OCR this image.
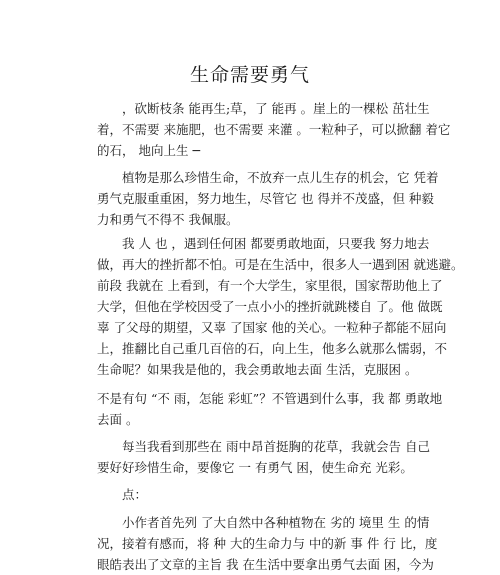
生命需要勇气
　　，砍断枝条 能再生;草，了 能再 。崖上的一棵松 茁壮生
着，不需要 来施肥，也不需要 来灌 。一粒种子，可以掀翻 着它
的石， 地向上生 ─
　　植物是那么珍惜生命，不放弃一点儿生存的机会，它 凭着
勇气克服重重困，努力地生，尽管它 也 得并不茂盛，但 种毅
力和勇气不得不 我佩服。
　　我 人 也 ，遇到任何困 都要勇敢地面，只要我 努力地去
做，再大的挫折都不怕。可是在生活中，很多人一遇到困 就逃避。
前段 我就在 上看到，有一个大学生，家里很，国家帮助他上了
大学，但他在学校因受了一点小小的挫折就跳楼自 了。他 做既
辜 了父母的期望，又辜 了国家 他的关心。一粒种子都能不屈向
上，推翻比自己重几百倍的石，向上生，他多么就那么懦弱，不
生命呢？如果我是他的，我会勇敢地去面 生活，克服困 。
不是有句 “不 雨，怎能 彩虹”？不管遇到什么事，我 都 勇敢地
去面 。
　　每当我看到那些在 雨中昂首挺胸的花草，我就会告 自己
要好好珍惜生命，要像它 一 有勇气 困，使生命充 光彩。
　　点：
　　小作者首先列 了大自然中各种植物在 劣的 境里 生 的情
况，接着有感而，将 种 大的生命力与 中的新 事 件 行 比，度
眼皓表出了文章的主旨 我 在生活中要拿出勇气去面 困，今为
